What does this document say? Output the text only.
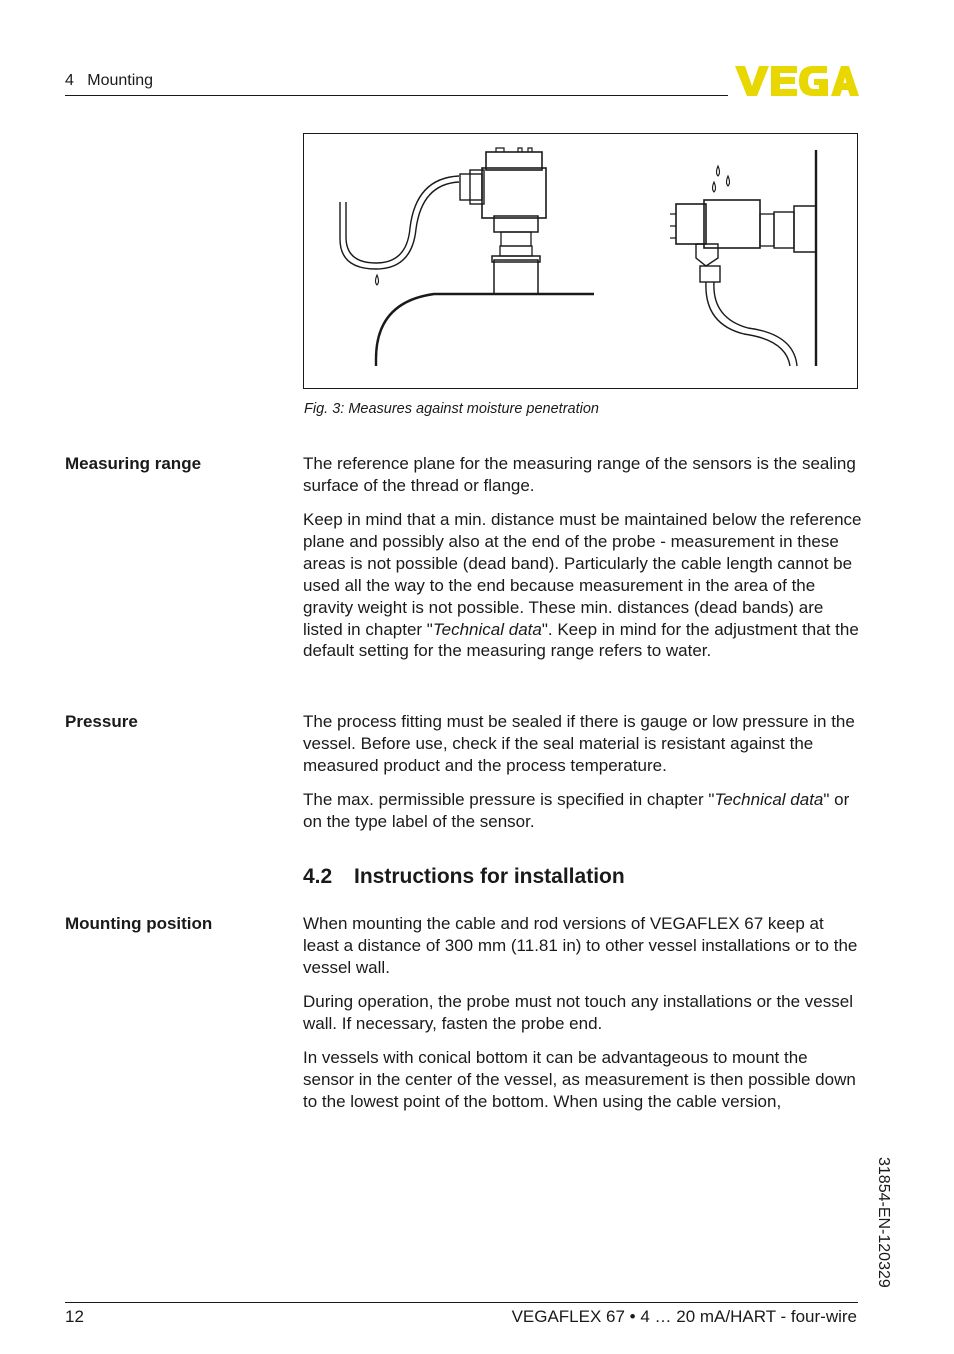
4   Mounting
Fig. 3: Measures against moisture penetration
Measuring range	The reference plane for the measuring range of the sensors is the sealing surface of the thread or flange.

Keep in mind that a min. distance must be maintained below the reference plane and possibly also at the end of the probe - measurement in these areas is not possible (dead band). Particularly the cable length cannot be used all the way to the end because measurement in the area of the gravity weight is not possible. These min. distances (dead bands) are listed in chapter "Technical data". Keep in mind for the adjustment that the default setting for the measuring range refers to water.

Pressure	The process fitting must be sealed if there is gauge or low pressure in the vessel. Before use, check if the seal material is resistant against the measured product and the process temperature.

The max. permissible pressure is specified in chapter "Technical data" or on the type label of the sensor.

4.2 Instructions for installation
Mounting position	When mounting the cable and rod versions of VEGAFLEX 67 keep at least a distance of 300 mm (11.81 in) to other vessel installations or to the vessel wall.

During operation, the probe must not touch any installations or the vessel wall. If necessary, fasten the probe end.

In vessels with conical bottom it can be advantageous to mount the sensor in the center of the vessel, as measurement is then possible down to the lowest point of the bottom. When using the cable version,

31854-EN-120329
12	VEGAFLEX 67 • 4 … 20 mA/HART - four-wire
